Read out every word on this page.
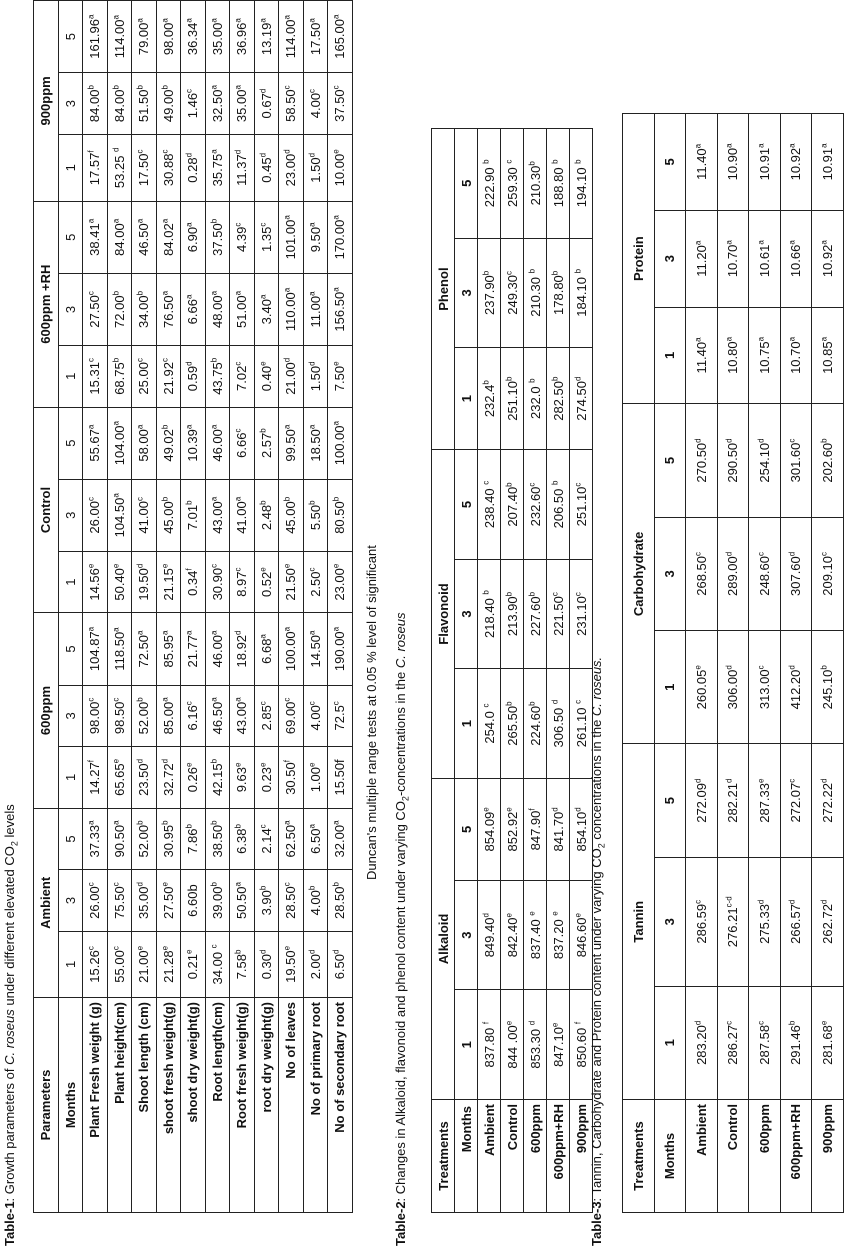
Table-1: Growth parameters of C. roseus under different elevated $CO_2$ levels
Parameters	Ambient			600ppm			Control			600ppm +RH			900ppm		
Months	1	3	5	1	3	5	1	3	5	1	3	5	1	3	5
Plant Fresh weight (g)	15.26$^c$	26.00$^c$	37.33$^a$	14.27$^f$	98.00$^c$	104.87$^a$	14.56e	26.00$^c$	55.67$^a$	15.31$^c$	27.50$^c$	38.41$^a$	17.57$^f$	84.00$^b$	161.96$^a$
Plant height(cm)	55.00$^c$	75.50$^c$	90.50$^a$	65.65e	98.50$^c$	118.50$^a$	50.40e	104.50$^a$	104.00$^a$	68.75$^b$	72.00$^b$	84.00$^a$	53.25 $^d$	84.00$^b$	114.00$^a$
Shoot length (cm)	21.00e	35.00$^d$	52.00$^b$	23.50$^d$	52.00$^b$	72.50$^a$	19.50$^d$	41.00$^c$	58.00$^a$	25.00$^c$	34.00$^b$	46.50$^a$	17.50$^c$	51.50$^b$	79.00$^a$
shoot fresh weight(g)	21.28e	27.50e	30.95$^b$	32.72$^d$	85.00$^a$	85.95$^a$	21.15e	45.00$^b$	49.02$^b$	21.92$^c$	76.50$^a$	84.02$^a$	30.88$^c$	49.00$^b$	98.00$^a$
shoot dry weight(g)	0.21e	6.60b	7.86$^b$	0.26e	6.16$^c$	21.77$^a$	0.34$^f$	7.01$^b$	10.39$^a$	0.59$^d$	6.66$^a$	6.90$^a$	0.28$^d$	1.46$^c$	36.34$^a$
Root length(cm)	34.00 $^c$	39.00$^b$	38.50$^b$	42.15$^b$	46.50$^a$	46.00$^a$	30.90$^c$	43.00$^a$	46.00$^a$	43.75$^b$	48.00$^a$	37.50$^b$	35.75$^a$	32.50$^a$	35.00$^a$
Root fresh weight(g)	7.58$^b$	50.50$^a$	6.38$^b$	9.63e	43.00$^a$	18.92$^d$	8.97$^c$	41.00$^a$	6.66$^c$	7.02$^c$	51.00$^a$	4.39$^c$	11.37$^d$	35.00$^a$	36.96$^a$
root dry weight(g)	0.30$^d$	3.90$^b$	2.14$^c$	0.23e	2.85$^c$	6.68$^a$	0.52e	2.48$^b$	2.57$^b$	0.40e	3.40$^a$	1.35$^c$	0.45$^d$	0.67$^d$	13.19$^a$
No of leaves	19.50e	28.50$^c$	62.50$^a$	30.50$^f$	69.00$^c$	100.00$^a$	21.50e	45.00$^b$	99.50$^a$	21.00$^d$	110.00$^a$	101.00$^a$	23.00$^d$	58.50$^c$	114.00$^a$
No of primary root	2.00$^d$	4.00$^b$	6.50$^a$	1.00e	4.00$^c$	14.50$^a$	2.50$^c$	5.50$^b$	18.50$^a$	1.50$^d$	11.00$^a$	9.50$^a$	1.50$^d$	4.00$^c$	17.50$^a$
No of secondary root	6.50$^d$	28.50$^b$	32.00$^a$	15.50f	72.5$^c$	190.00$^a$	23.00e	80.50$^b$	100.00$^a$	7.50e	156.50$^a$	170.00$^a$	10.00e	37.50$^c$	165.00$^a$
Duncan's multiple range tests at 0.05 % level of significant
Table-2: Changes in Alkaloid, flavonoid and phenol content under varying $CO_2$-concentrations in the C. roseus
Treatments	Alkaloid			Flavonoid			Phenol		
Months	1	3	5	1	3	5	1	3	5
Ambient	837.80 $^f$	849.40$^d$	854.09e	254.0 $^c$	218.40 $^b$	238.40 $^c$	232.4$^b$	237.90$^b$	222.90 $^b$
Control	844 .00e	842.40e	852.92e	265.50$^b$	213.90$^b$	207.40$^b$	251.10$^b$	249.30$^c$	259.30 $^c$
600ppm	853.30 $^d$	837.40 $^e$	847.90$^f$	224.60$^b$	227.60$^b$	232.60$^c$	232.0 $^b$	210.30 $^b$	210.30$^b$
600ppm+RH	847.10e	837.20 $^e$	841.70$^d$	306.50 $^d$	221.50$^c$	206.50 $^b$	282.50$^b$	178.80$^b$	188.80 $^b$
900ppm	850.60 $^f$	846.60e	854.10$^d$	261.10 $^c$	231.10$^c$	251.10$^c$	274.50$^d$	184.10 $^b$	194.10 $^b$
Table-3: Tannin, Carbohydrate and Protein content under varying $CO_2$ concentrations in the C. roseus.
Treatments	Tannin			Carbohydrate			Protein		
Months	1	3	5	1	3	5	1	3	5
Ambient	283.20$^d$	286.59$^c$	272.09$^d$	260.05e	268.50$^c$	270.50$^d$	11.40$^a$	11.20$^a$	11.40$^a$
Control	286.27$^c$	276.21$^{c-d}$	282.21$^d$	306.00$^d$	289.00$^d$	290.50$^d$	10.80$^a$	10.70$^a$	10.90$^a$
600ppm	287.58$^c$	275.33$^d$	287.33e	313.00$^c$	248.60$^c$	254.10$^d$	10.75$^a$	10.61$^a$	10.91$^a$
600ppm+RH	291.46$^b$	266.57$^d$	272.07$^c$	412.20$^d$	307.60$^d$	301.60$^c$	10.70$^a$	10.66$^a$	10.92$^a$
900ppm	281.68e	262.72$^d$	272.22$^d$	245.10$^b$	209.10$^c$	202.60$^b$	10.85$^a$	10.92$^a$	10.91$^a$
